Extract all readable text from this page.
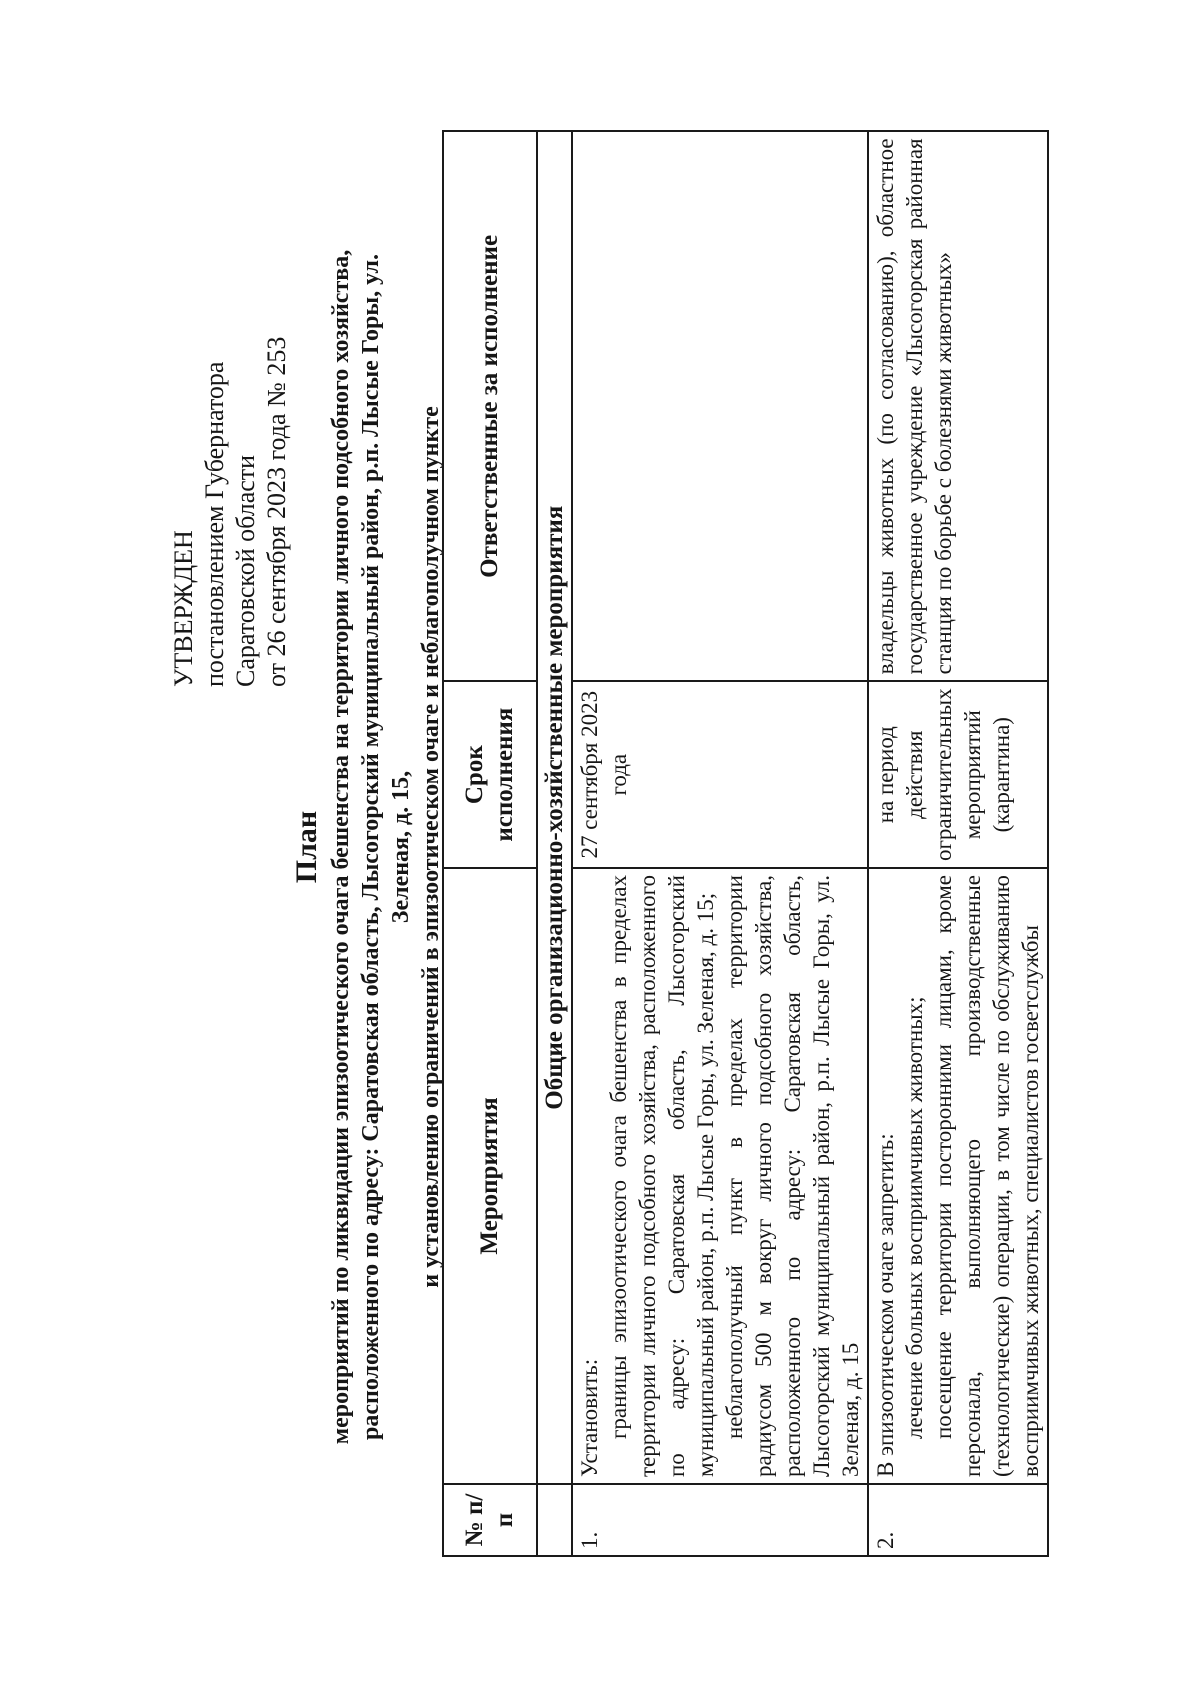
УТВЕРЖДЕН постановлением Губернатора Саратовской области от 26 сентября 2023 года № 253
План мероприятий по ликвидации эпизоотического очага бешенства на территории личного подсобного хозяйства, расположенного по адресу: Саратовская область, Лысогорский муниципальный район, р.п. Лысые Горы, ул. Зеленая, д. 15, и установлению ограничений в эпизоотическом очаге и неблагополучном пункте
№ п/п	Мероприятия	Срок исполнения	Ответственные за исполнение
	Общие организационно-хозяйственные мероприятия		
1.	Установить: границы эпизоотического очага бешенства в пределах территории личного подсобного хозяйства, расположенного по адресу: Саратовская область, Лысогорский муниципальный район, р.п. Лысые Горы, ул. Зеленая, д. 15; неблагополучный пункт в пределах территории радиусом 500 м вокруг личного подсобного хозяйства, расположенного по адресу: Саратовская область, Лысогорский муниципальный район, р.п. Лысые Горы, ул. Зеленая, д. 15	27 сентября 2023 года	
2.	В эпизоотическом очаге запретить: лечение больных восприимчивых животных; посещение территории посторонними лицами, кроме персонала, выполняющего производственные (технологические) операции, в том числе по обслуживанию восприимчивых животных, специалистов госветслужбы	на период действия ограничительных мероприятий (карантина)	владельцы животных (по согласованию), областное государственное учреждение «Лысогорская районная станция по борьбе с болезнями животных»
